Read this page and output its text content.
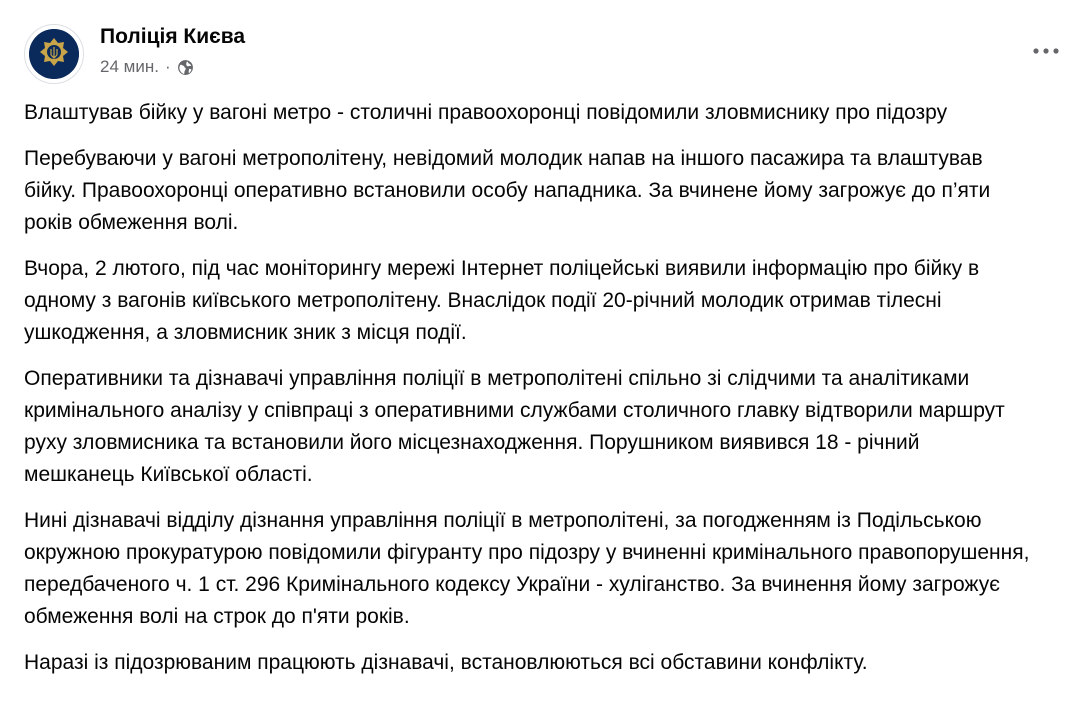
Поліція Києва
24 мин. ·

Влаштував бійку у вагоні метро - столичні правоохоронці повідомили зловмиснику про підозру

Перебуваючи у вагоні метрополітену, невідомий молодик напав на іншого пасажира та влаштував бійку. Правоохоронці оперативно встановили особу нападника. За вчинене йому загрожує до п’яти років обмеження волі.

Вчора, 2 лютого, під час моніторингу мережі Інтернет поліцейські виявили інформацію про бійку в одному з вагонів київського метрополітену. Внаслідок події 20-річний молодик отримав тілесні ушкодження, а зловмисник зник з місця події.

Оперативники та дізнавачі управління поліції в метрополітені спільно зі слідчими та аналітиками кримінального аналізу у співпраці з оперативними службами столичного главку відтворили маршрут руху зловмисника та встановили його місцезнаходження. Порушником виявився 18 - річний мешканець Київської області.

Нині дізнавачі відділу дізнання управління поліції в метрополітені, за погодженням із Подільською окружною прокуратурою повідомили фігуранту про підозру у вчиненні кримінального правопорушення, передбаченого ч. 1 ст. 296 Кримінального кодексу України - хуліганство. За вчинення йому загрожує обмеження волі на строк до п'яти років.

Наразі із підозрюваним працюють дізнавачі, встановлюються всі обставини конфлікту.
